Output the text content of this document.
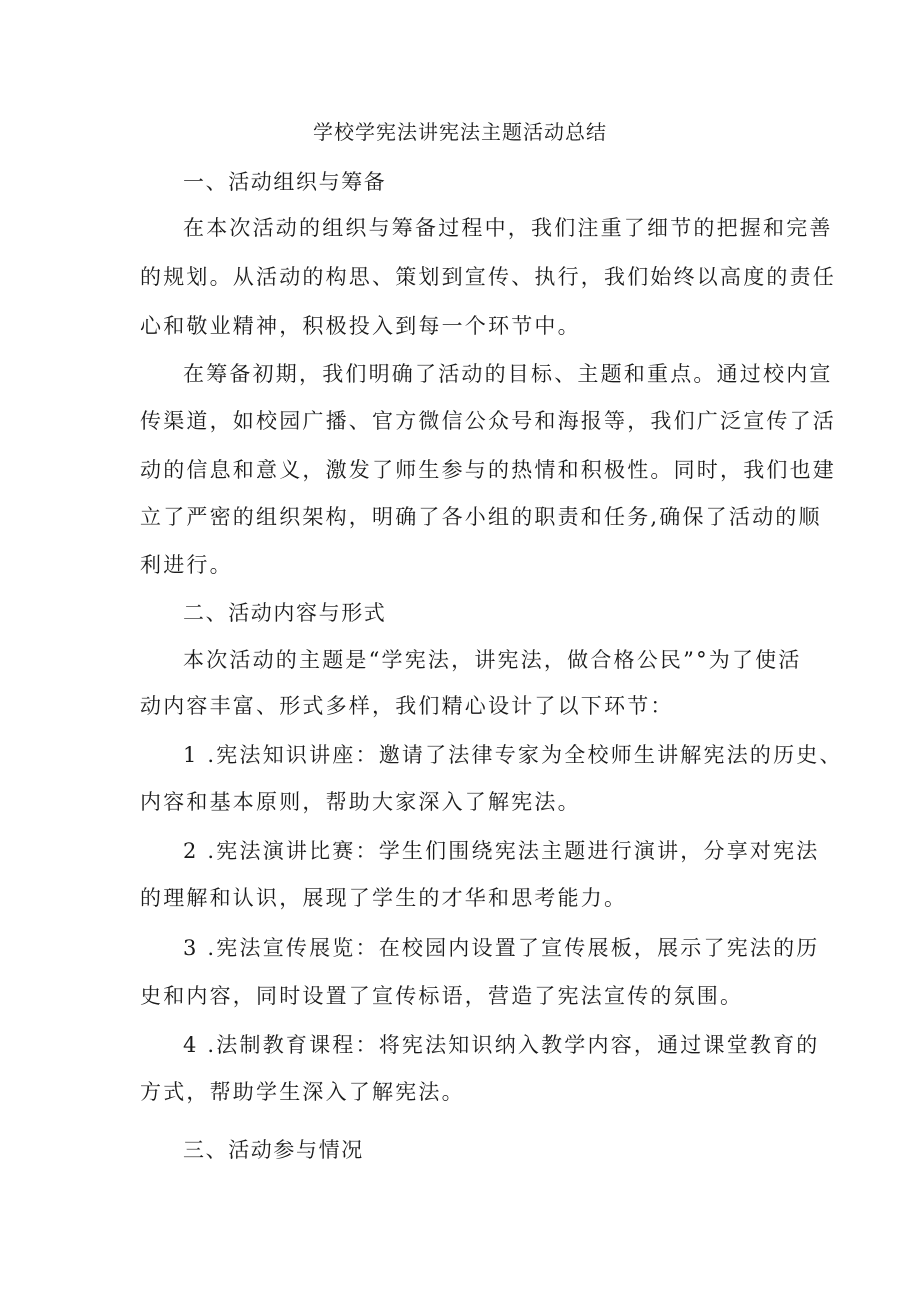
学校学宪法讲宪法主题活动总结
一、活动组织与筹备
在本次活动的组织与筹备过程中，我们注重了细节的把握和完善
的规划。从活动的构思、策划到宣传、执行，我们始终以高度的责任
心和敬业精神，积极投入到每一个环节中。
在筹备初期，我们明确了活动的目标、主题和重点。通过校内宣
传渠道，如校园广播、官方微信公众号和海报等，我们广泛宣传了活
动的信息和意义，激发了师生参与的热情和积极性。同时，我们也建
立了严密的组织架构，明确了各小组的职责和任务,确保了活动的顺
利进行。
二、活动内容与形式
本次活动的主题是“学宪法，讲宪法，做合格公民”°为了使活
动内容丰富、形式多样，我们精心设计了以下环节：
1 .宪法知识讲座：邀请了法律专家为全校师生讲解宪法的历史、
内容和基本原则，帮助大家深入了解宪法。
2 .宪法演讲比赛：学生们围绕宪法主题进行演讲，分享对宪法
的理解和认识，展现了学生的才华和思考能力。
3 .宪法宣传展览：在校园内设置了宣传展板，展示了宪法的历
史和内容，同时设置了宣传标语，营造了宪法宣传的氛围。
4 .法制教育课程：将宪法知识纳入教学内容，通过课堂教育的
方式，帮助学生深入了解宪法。
三、活动参与情况
